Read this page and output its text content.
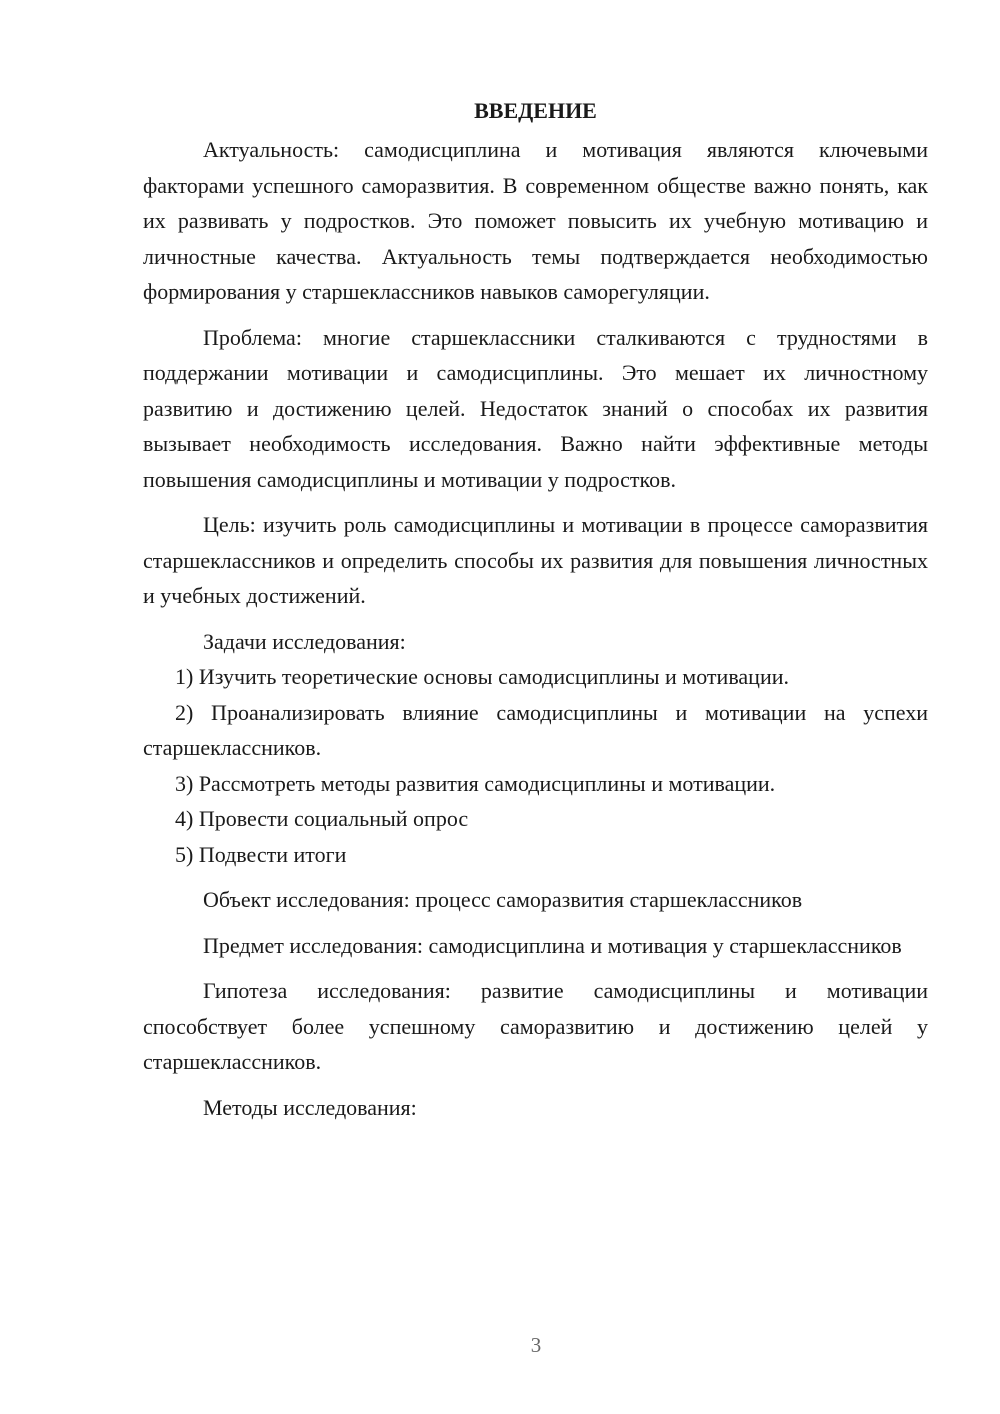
ВВЕДЕНИЕ

Актуальность: самодисциплина и мотивация являются ключевыми факторами успешного саморазвития. В современном обществе важно понять, как их развивать у подростков. Это поможет повысить их учебную мотивацию и личностные качества. Актуальность темы подтверждается необходимостью формирования у старшеклассников навыков саморегуляции.

Проблема: многие старшеклассники сталкиваются с трудностями в поддержании мотивации и самодисциплины. Это мешает их личностному развитию и достижению целей. Недостаток знаний о способах их развития вызывает необходимость исследования. Важно найти эффективные методы повышения самодисциплины и мотивации у подростков.

Цель: изучить роль самодисциплины и мотивации в процессе саморазвития старшеклассников и определить способы их развития для повышения личностных и учебных достижений.

Задачи исследования:

1) Изучить теоретические основы самодисциплины и мотивации.

2) Проанализировать влияние самодисциплины и мотивации на успехи старшеклассников.

3) Рассмотреть методы развития самодисциплины и мотивации.

4) Провести социальный опрос

5) Подвести итоги

Объект исследования: процесс саморазвития старшеклассников

Предмет исследования: самодисциплина и мотивация у старшеклассников

Гипотеза исследования: развитие самодисциплины и мотивации способствует более успешному саморазвитию и достижению целей у старшеклассников.

Методы исследования:

3
